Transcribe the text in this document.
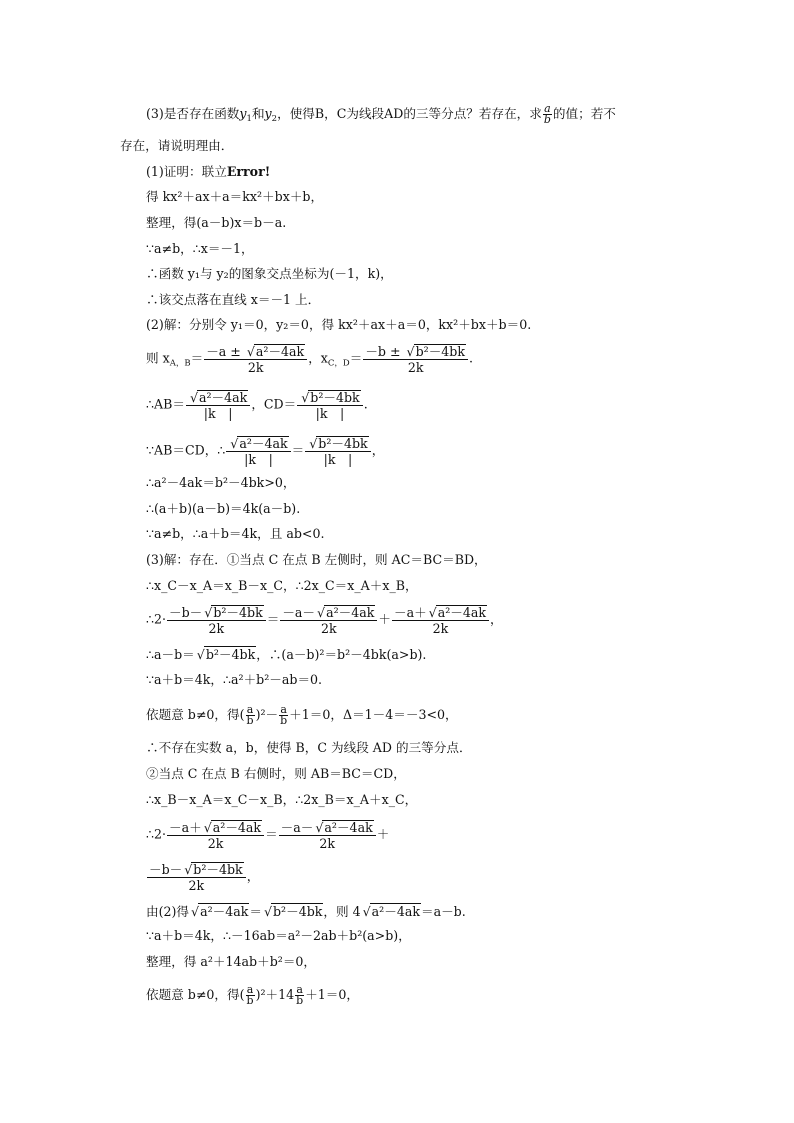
(3)是否存在函数$y_1$和$y_2$，使得B，C为线段AD的三等分点？若存在，求 $\frac{a}{b}$ 的值；若不
存在，请说明理由．
(1)证明：联立Error!
得 kx²＋ax＋a＝kx²＋bx＋b，
整理，得(a－b)x＝b－a.
∵a≠b，∴x＝－1，
∴函数 y₁与 y₂的图象交点坐标为(－1，k)，
∴该交点落在直线 x＝－1 上．
(2)解：分别令 y₁＝0，y₂＝0，得 kx²＋ax＋a＝0，kx²＋bx＋b＝0.
则 $x_{A,B}= \frac{\text{－a ± √ a²－4ak}}{2k}$ ，$x_{C,D}= \frac{\text{－b ± √ b²－4bk}}{2k}$ .
∴AB＝ √ $\frac{\text{a²－4ak}}{|k |}$ ，CD＝ √ $\frac{\text{b²－4bk}}{|k |}$ .
∵AB＝CD，∴ √ $\frac{\text{a²－4ak}}{|k |}$ ＝ √ $\frac{\text{b²－4bk}}{|k |}$ ，
∴a²－4ak＝b²－4bk>0，
∴(a＋b)(a－b)＝4k(a－b).
∵a≠b，∴a＋b＝4k，且 ab<0.
(3)解：存在．①当点 C 在点 B 左侧时，则 AC＝BC＝BD，
∴x_C－x_A＝x_B－x_C，∴2x_C＝x_A＋x_B，
∴2· $\frac{\text{－b－ √ b²－4bk}}{2k} = \frac{\text{－a－ √ a²－4ak}}{2k} + \frac{\text{－a＋ √ a²－4ak}}{2k}$ ，
∴a－b＝ √ b²－4bk，∴(a－b)²＝b²－4bk(a>b).
∵a＋b＝4k，∴a²＋b²－ab＝0.
依题意 b≠0，得( $\frac{a}{b} )^2- \frac{a}{b} +1=0$，Δ＝1－4＝－3<0，
∴不存在实数 a，b，使得 B，C 为线段 AD 的三等分点．
②当点 C 在点 B 右侧时，则 AB＝BC＝CD，
∴x_B－x_A＝x_C－x_B，∴2x_B＝x_A＋x_C，
∴2· $\frac{\text{－a＋ √ a²－4ak}}{2k} = \frac{\text{－a－ √ a²－4ak}}{2k}$ ＋
$\frac{\text{－b－ √ b²－4bk}}{2k}$ ，
由(2)得 √ a²－4ak＝ √ b²－4bk，则 4 √ a²－4ak＝a－b.
∵a＋b＝4k，∴－16ab＝a²－2ab＋b²(a>b)，
整理，得 a²＋14ab＋b²＝0，
依题意 b≠0，得( $\frac{a}{b} )^2+14 \frac{a}{b} +1=0$，
